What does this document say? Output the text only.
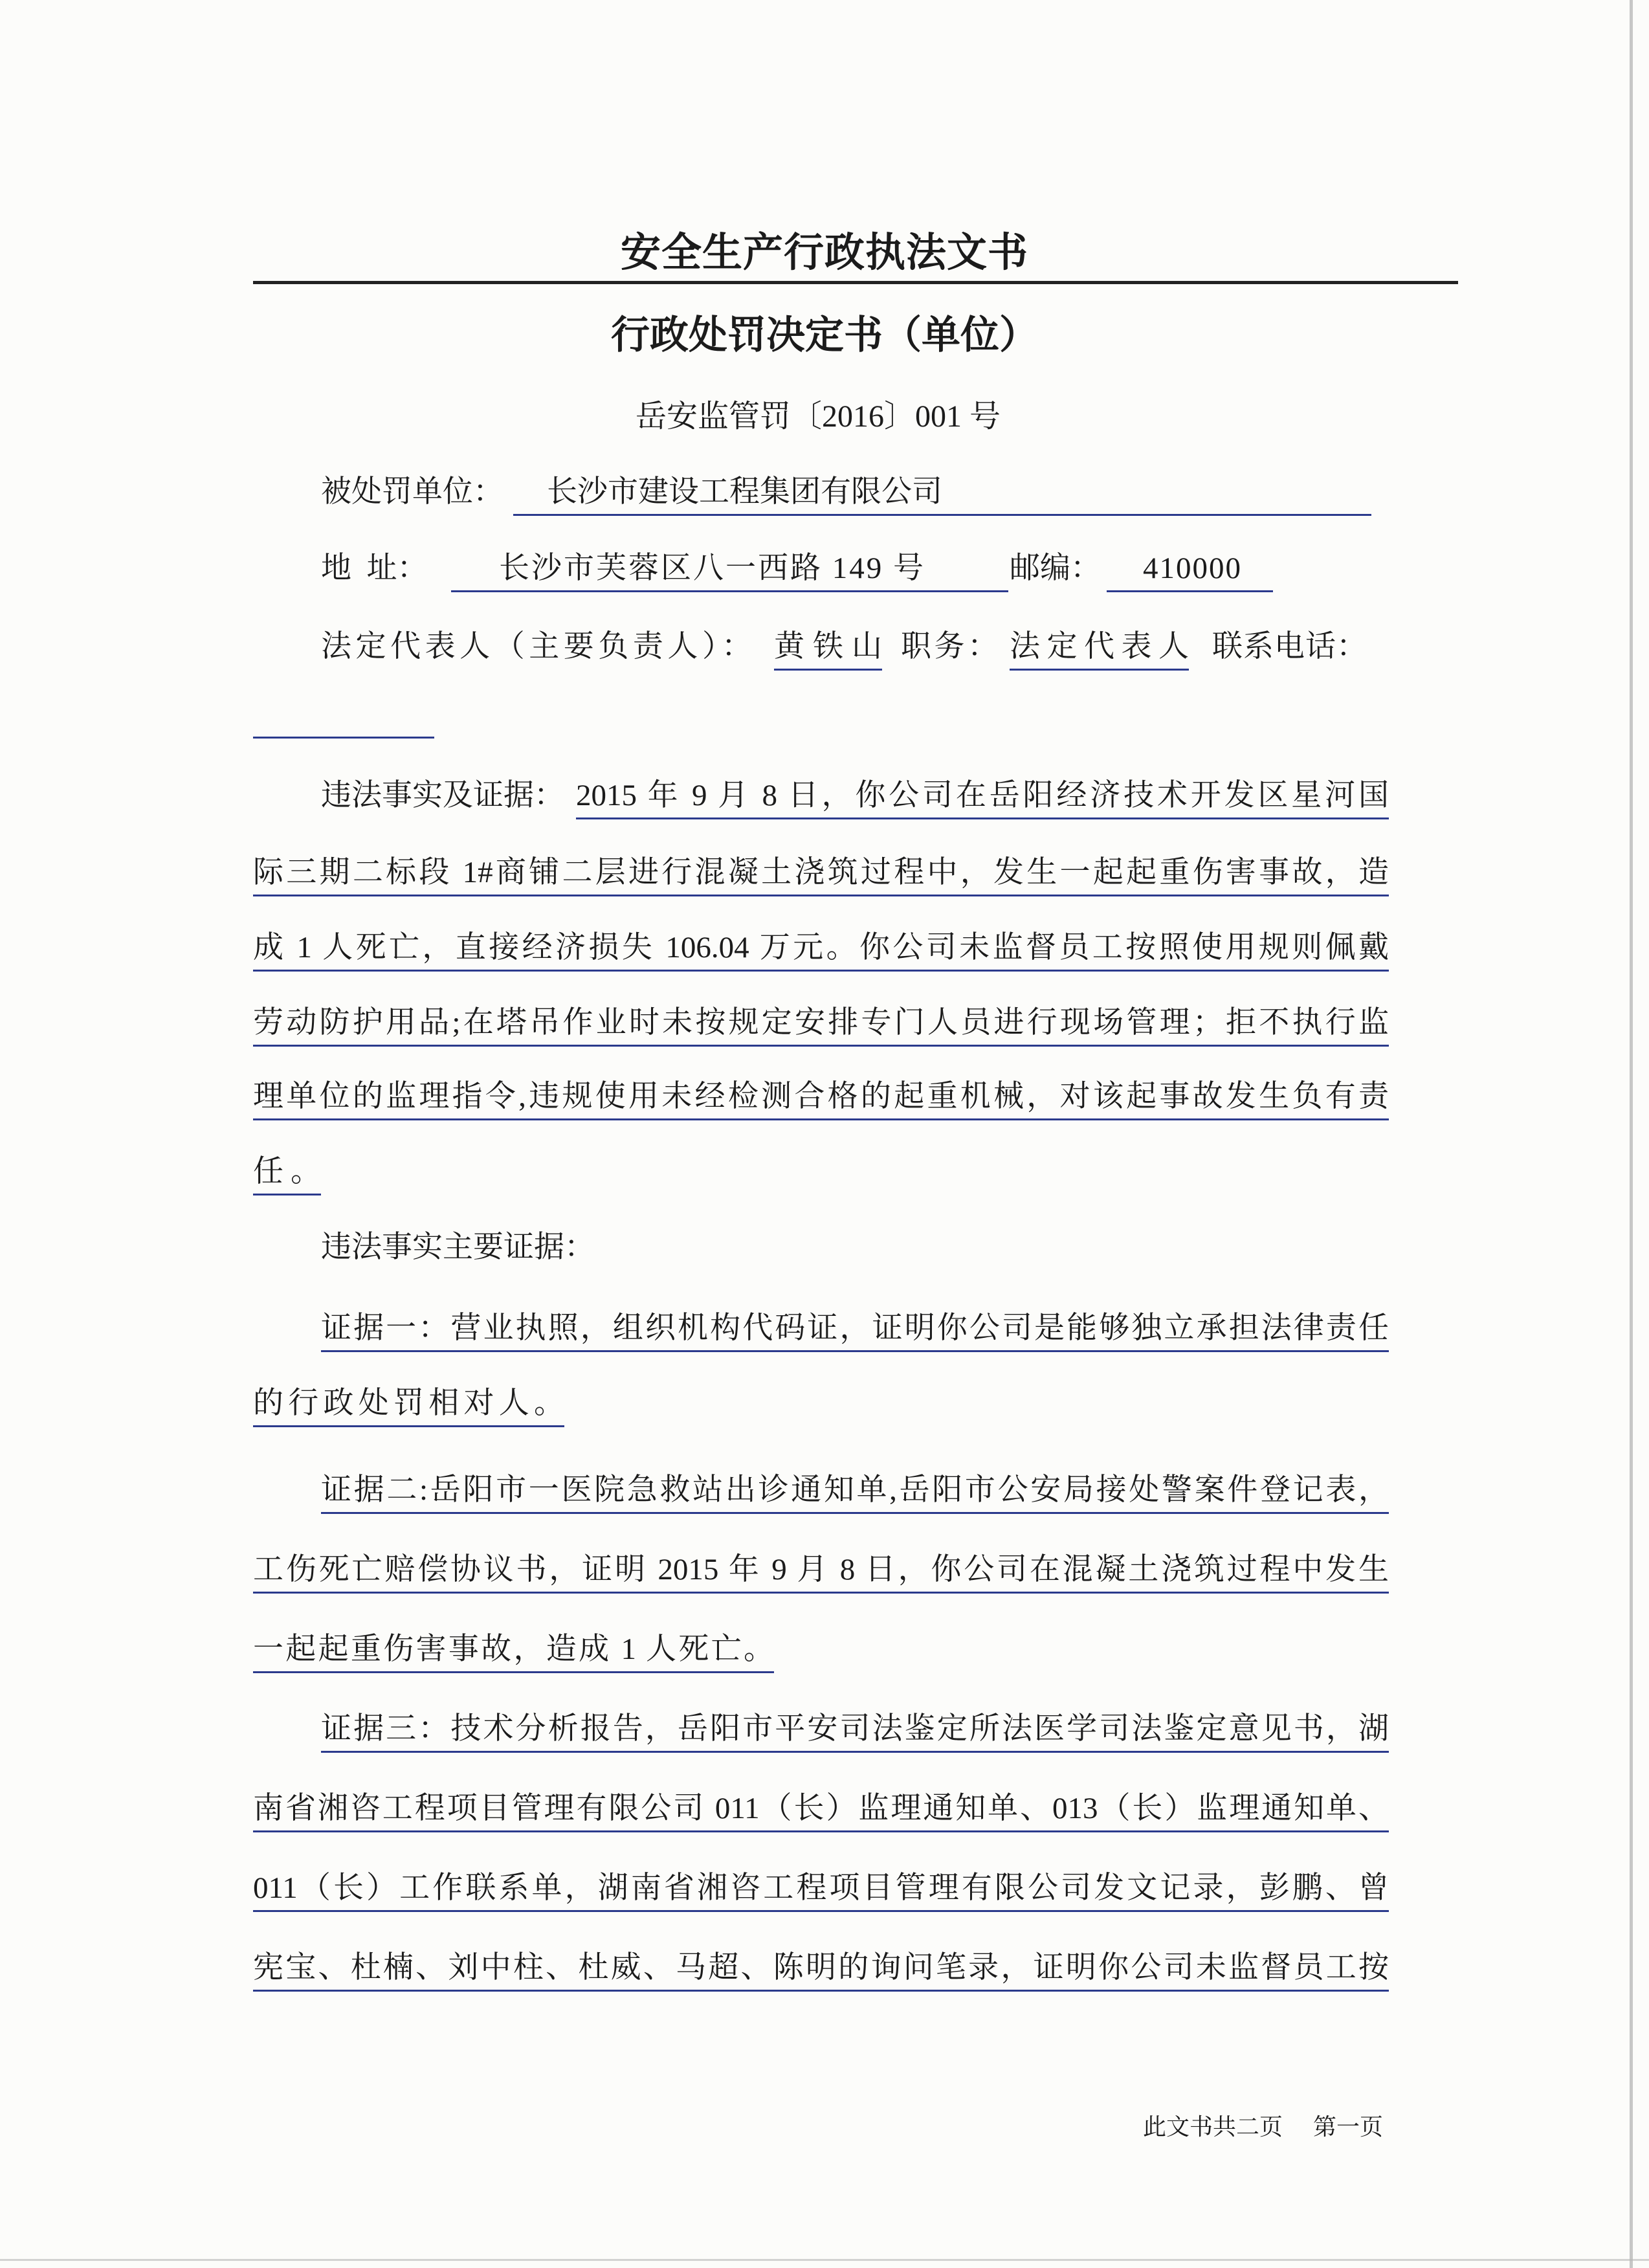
安全生产行政执法文书
行政处罚决定书（单位）
岳安监管罚〔2016〕001 号
被处罚单位：	长沙市建设工程集团有限公司
地  址：	长沙市芙蓉区八一西路 149 号	邮编：	410000
法定代表人（主要负责人）： 黄铁山 职务： 法定代表人 联系电话：
违法事实及证据： 2015 年 9 月 8 日，你公司在岳阳经济技术开发区星河国
际三期二标段 1#商铺二层进行混凝土浇筑过程中，发生一起起重伤害事故，造
成 1 人死亡，直接经济损失 106.04 万元。你公司未监督员工按照使用规则佩戴
劳动防护用品;在塔吊作业时未按规定安排专门人员进行现场管理；拒不执行监
理单位的监理指令,违规使用未经检测合格的起重机械，对该起事故发生负有责
任。
违法事实主要证据：
证据一：营业执照，组织机构代码证，证明你公司是能够独立承担法律责任
的行政处罚相对人。
证据二:岳阳市一医院急救站出诊通知单,岳阳市公安局接处警案件登记表，
工伤死亡赔偿协议书，证明 2015 年 9 月 8 日，你公司在混凝土浇筑过程中发生
一起起重伤害事故，造成 1 人死亡。
证据三：技术分析报告，岳阳市平安司法鉴定所法医学司法鉴定意见书，湖
南省湘咨工程项目管理有限公司 011（长）监理通知单、013（长）监理通知单、
011（长）工作联系单，湖南省湘咨工程项目管理有限公司发文记录，彭鹏、曾
宪宝、杜楠、刘中柱、杜威、马超、陈明的询问笔录，证明你公司未监督员工按
此文书共二页 第一页
